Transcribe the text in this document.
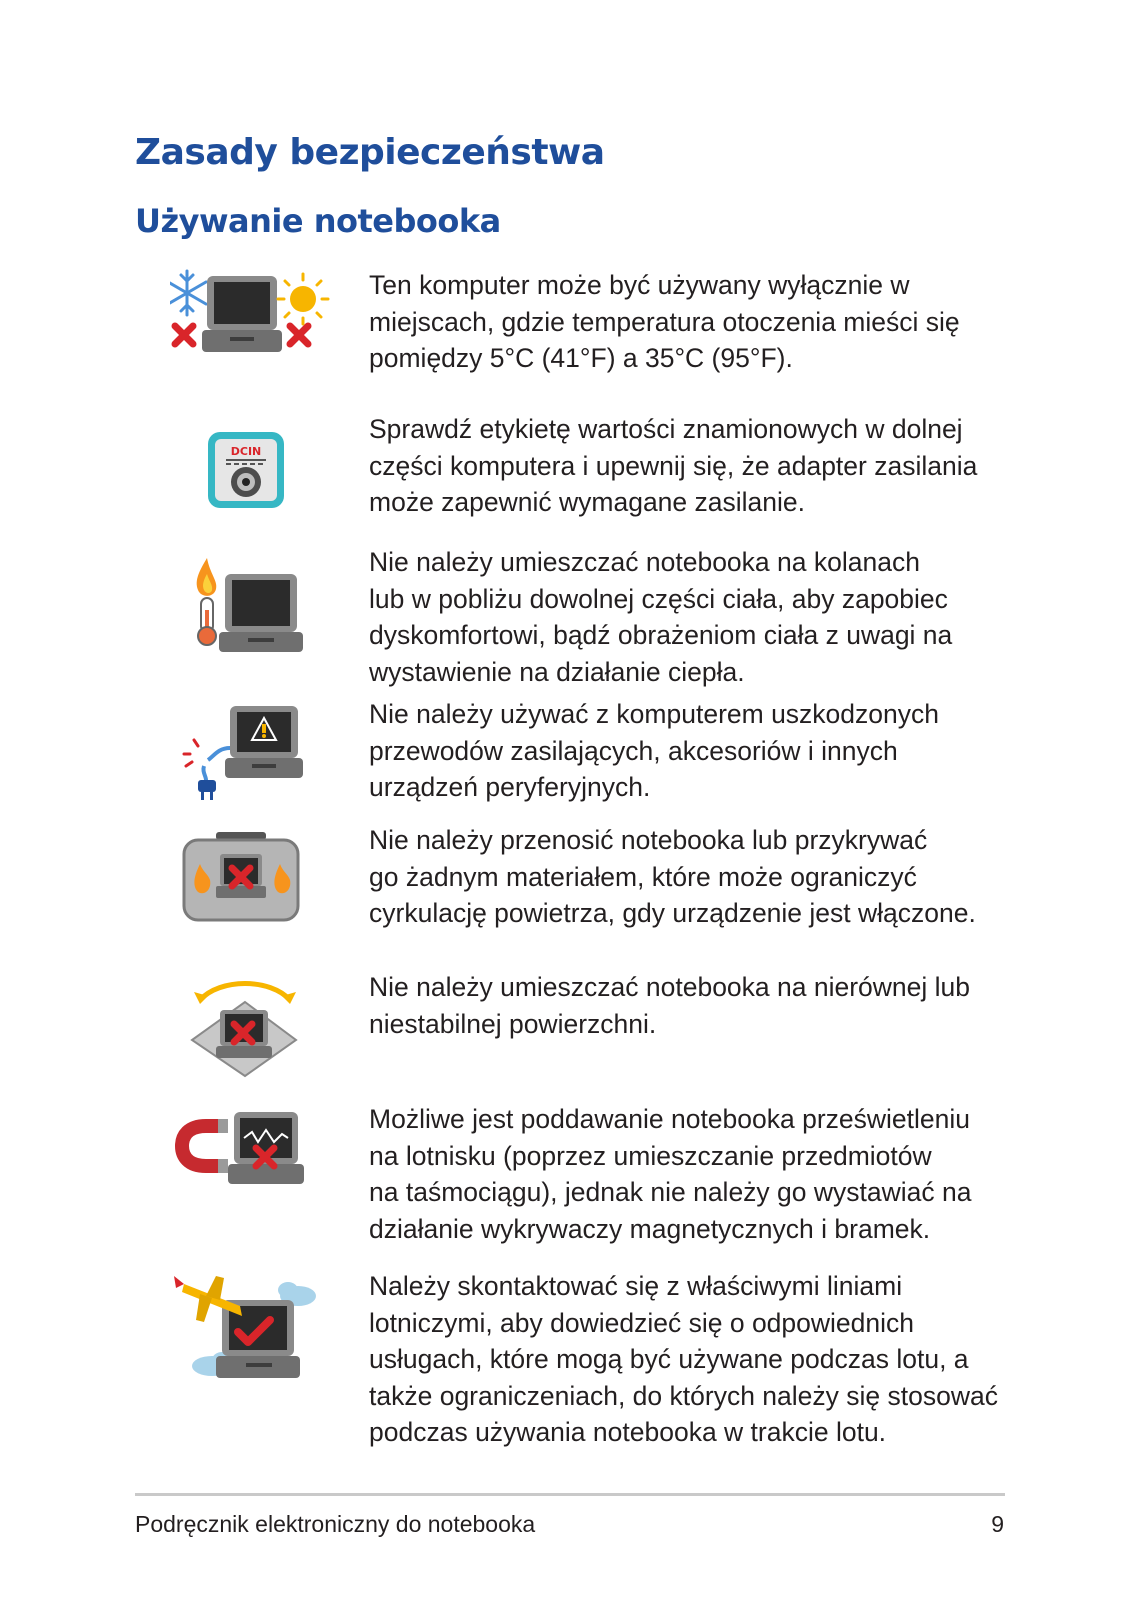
Zasady bezpieczeństwa
Używanie notebooka

Ten komputer może być używany wyłącznie w
miejscach, gdzie temperatura otoczenia mieści się
pomiędzy 5°C (41°F) a 35°C (95°F).

DCIN

Sprawdź etykietę wartości znamionowych w dolnej
części komputera i upewnij się, że adapter zasilania
może zapewnić wymagane zasilanie.

Nie należy umieszczać notebooka na kolanach
lub w pobliżu dowolnej części ciała, aby zapobiec
dyskomfortowi, bądź obrażeniom ciała z uwagi na
wystawienie na działanie ciepła.

Nie należy używać z komputerem uszkodzonych
przewodów zasilających, akcesoriów i innych
urządzeń peryferyjnych.

Nie należy przenosić notebooka lub przykrywać
go żadnym materiałem, które może ograniczyć
cyrkulację powietrza, gdy urządzenie jest włączone.

Nie należy umieszczać notebooka na nierównej lub
niestabilnej powierzchni.

Możliwe jest poddawanie notebooka prześwietleniu
na lotnisku (poprzez umieszczanie przedmiotów
na taśmociągu), jednak nie należy go wystawiać na
działanie wykrywaczy magnetycznych i bramek.

Należy skontaktować się z właściwymi liniami
lotniczymi, aby dowiedzieć się o odpowiednich
usługach, które mogą być używane podczas lotu, a
także ograniczeniach, do których należy się stosować
podczas używania notebooka w trakcie lotu.

Podręcznik elektroniczny do notebooka	9
